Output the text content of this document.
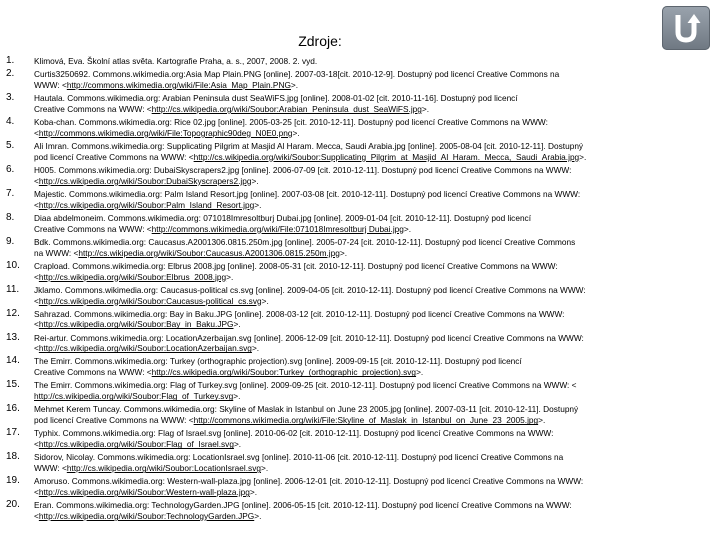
Zdroje:
1. Klimová, Eva. Školní atlas světa. Kartografie Praha, a. s., 2007, 2008. 2. vyd.
2. Curtis3250692. Commons.wikimedia.org:Asia Map Plain.PNG [online]. 2007-03-18[cit. 2010-12-9]. Dostupný pod licencí Creative Commons na
WWW: <http://commons.wikimedia.org/wiki/File:Asia_Map_Plain.PNG>.
3. Hautala. Commons.wikimedia.org: Arabian Peninsula dust SeaWiFS.jpg [online]. 2008-01-02 [cit. 2010-11-16]. Dostupný pod licencí
Creative Commons na WWW: <http://cs.wikipedia.org/wiki/Soubor:Arabian_Peninsula_dust_SeaWiFS.jpg>.
4. Koba-chan. Commons.wikimedia.org: Rice 02.jpg [online]. 2005-03-25 [cit. 2010-12-11]. Dostupný pod licencí Creative Commons na WWW:
<http://commons.wikimedia.org/wiki/File:Topographic90deg_N0E0.png>.
5. Ali Imran. Commons.wikimedia.org: Supplicating Pilgrim at Masjid Al Haram. Mecca, Saudi Arabia.jpg [online]. 2005-08-04 [cit. 2010-12-11]. Dostupný
pod licencí Creative Commons na WWW: <http://cs.wikipedia.org/wiki/Soubor:Supplicating_Pilgrim_at_Masjid_Al_Haram._Mecca,_Saudi_Arabia.jpg>.
6. H005. Commons.wikimedia.org: DubaiSkyscrapers2.jpg [online]. 2006-07-09 [cit. 2010-12-11]. Dostupný pod licencí Creative Commons na WWW:
<http://cs.wikipedia.org/wiki/Soubor:DubaiSkyscrapers2.jpg>.
7. Majestic. Commons.wikimedia.org: Palm Island Resort.jpg [online]. 2007-03-08 [cit. 2010-12-11]. Dostupný pod licencí Creative Commons na WWW:
<http://cs.wikipedia.org/wiki/Soubor:Palm_Island_Resort.jpg>.
8. Diaa abdelmoneim. Commons.wikimedia.org: 071018Imresoltburj Dubai.jpg [online]. 2009-01-04 [cit. 2010-12-11]. Dostupný pod licencí
Creative Commons na WWW: <http://commons.wikimedia.org/wiki/File:071018Imresoltburj Dubai.jpg>.
9. Bdk. Commons.wikimedia.org: Caucasus.A2001306.0815.250m.jpg [online]. 2005-07-24 [cit. 2010-12-11]. Dostupný pod licencí Creative Commons
na WWW: <http://cs.wikipedia.org/wiki/Soubor:Caucasus.A2001306.0815.250m.jpg>.
10. Crapload. Commons.wikimedia.org: Elbrus 2008.jpg [online]. 2008-05-31 [cit. 2010-12-11]. Dostupný pod licencí Creative Commons na WWW:
<http://cs.wikipedia.org/wiki/Soubor:Elbrus_2008.jpg>.
11. Jklamo. Commons.wikimedia.org: Caucasus-political cs.svg [online]. 2009-04-05 [cit. 2010-12-11]. Dostupný pod licencí Creative Commons na WWW:
<http://cs.wikipedia.org/wiki/Soubor:Caucasus-political_cs.svg>.
12. Sahrazad. Commons.wikimedia.org: Bay in Baku.JPG [online]. 2008-03-12 [cit. 2010-12-11]. Dostupný pod licencí Creative Commons na WWW:
<http://cs.wikipedia.org/wiki/Soubor:Bay_in_Baku.JPG>.
13. Rei-artur. Commons.wikimedia.org: LocationAzerbaijan.svg [online]. 2006-12-09 [cit. 2010-12-11]. Dostupný pod licencí Creative Commons na WWW:
<http://cs.wikipedia.org/wiki/Soubor:LocationAzerbaijan.svg>.
14. The Emirr. Commons.wikimedia.org: Turkey (orthographic projection).svg [online]. 2009-09-15 [cit. 2010-12-11]. Dostupný pod licencí
Creative Commons na WWW: <http://cs.wikipedia.org/wiki/Soubor:Turkey_(orthographic_projection).svg>.
15. The Emirr. Commons.wikimedia.org: Flag of Turkey.svg [online]. 2009-09-25 [cit. 2010-12-11]. Dostupný pod licencí Creative Commons na WWW: <
http://cs.wikipedia.org/wiki/Soubor:Flag_of_Turkey.svg>.
16. Mehmet Kerem Tuncay. Commons.wikimedia.org: Skyline of Maslak in Istanbul on June 23 2005.jpg [online]. 2007-03-11 [cit. 2010-12-11]. Dostupný
pod licencí Creative Commons na WWW: <http://commons.wikimedia.org/wiki/File:Skyline_of_Maslak_in_Istanbul_on_June_23_2005.jpg>.
17. Typhix. Commons.wikimedia.org: Flag of Israel.svg [online]. 2010-06-02 [cit. 2010-12-11]. Dostupný pod licencí Creative Commons na WWW:
<http://cs.wikipedia.org/wiki/Soubor:Flag_of_Israel.svg>.
18. Sidorov, Nicolay. Commons.wikimedia.org: LocationIsrael.svg [online]. 2010-11-06 [cit. 2010-12-11]. Dostupný pod licencí Creative Commons na
WWW: <http://cs.wikipedia.org/wiki/Soubor:LocationIsrael.svg>.
19. Amoruso. Commons.wikimedia.org: Western-wall-plaza.jpg [online]. 2006-12-01 [cit. 2010-12-11]. Dostupný pod licencí Creative Commons na WWW:
<http://cs.wikipedia.org/wiki/Soubor:Western-wall-plaza.jpg>.
20. Eran. Commons.wikimedia.org: TechnologyGarden.JPG [online]. 2006-05-15 [cit. 2010-12-11]. Dostupný pod licencí Creative Commons na WWW:
<http://cs.wikipedia.org/wiki/Soubor:TechnologyGarden.JPG>.
